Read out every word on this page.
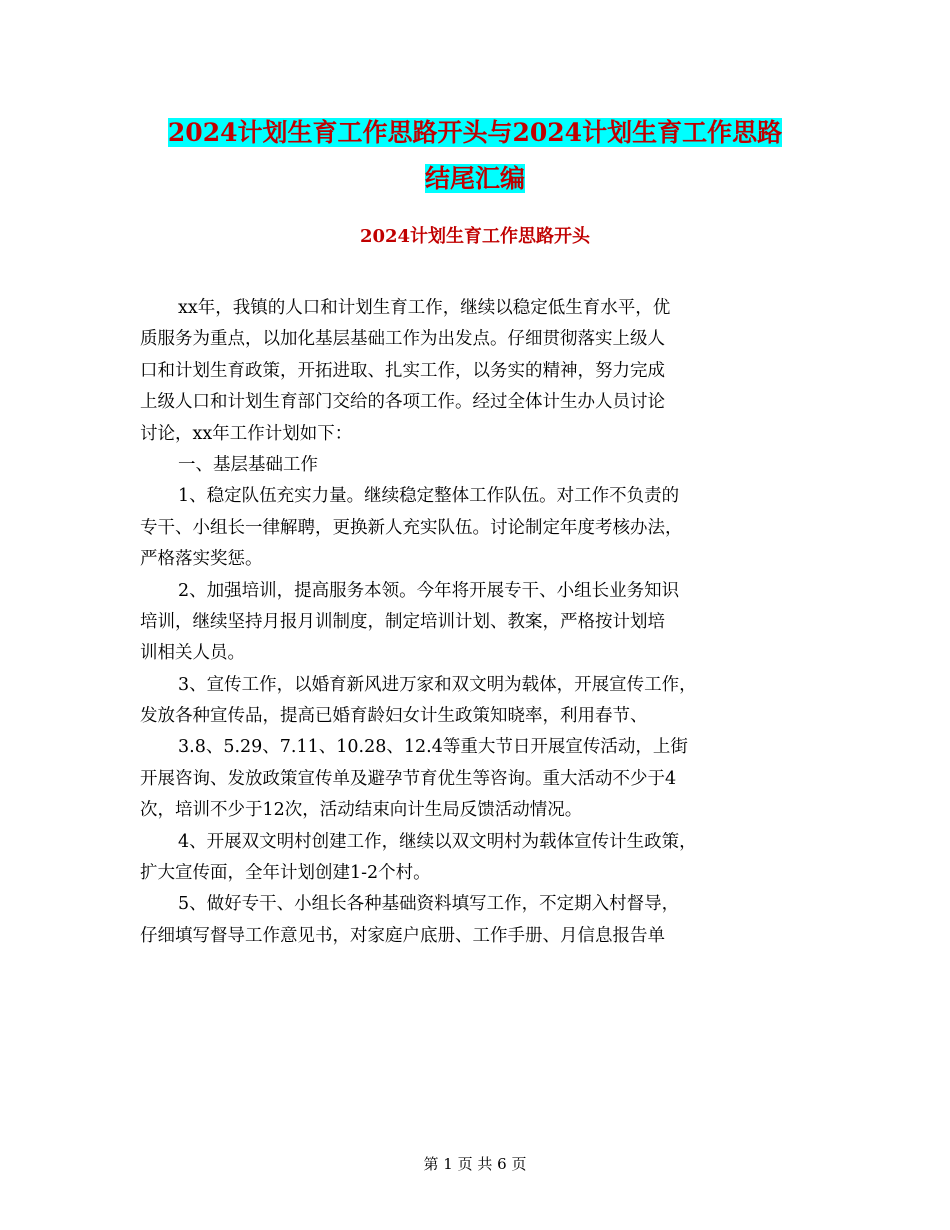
2024计划生育工作思路开头与2024计划生育工作思路
结尾汇编
2024计划生育工作思路开头
xx年，我镇的人口和计划生育工作，继续以稳定低生育水平，优
质服务为重点，以加化基层基础工作为出发点。仔细贯彻落实上级人
口和计划生育政策，开拓进取、扎实工作，以务实的精神，努力完成
上级人口和计划生育部门交给的各项工作。经过全体计生办人员讨论
讨论，xx年工作计划如下：
一、基层基础工作
1、稳定队伍充实力量。继续稳定整体工作队伍。对工作不负责的
专干、小组长一律解聘，更换新人充实队伍。讨论制定年度考核办法，
严格落实奖惩。
2、加强培训，提高服务本领。今年将开展专干、小组长业务知识
培训，继续坚持月报月训制度，制定培训计划、教案，严格按计划培
训相关人员。
3、宣传工作，以婚育新风进万家和双文明为载体，开展宣传工作，
发放各种宣传品，提高已婚育龄妇女计生政策知晓率，利用春节、
3.8、5.29、7.11、10.28、12.4等重大节日开展宣传活动，上街
开展咨询、发放政策宣传单及避孕节育优生等咨询。重大活动不少于4
次，培训不少于12次，活动结束向计生局反馈活动情况。
4、开展双文明村创建工作，继续以双文明村为载体宣传计生政策，
扩大宣传面，全年计划创建1-2个村。
5、做好专干、小组长各种基础资料填写工作，不定期入村督导，
仔细填写督导工作意见书，对家庭户底册、工作手册、月信息报告单
第 1 页 共 6 页
